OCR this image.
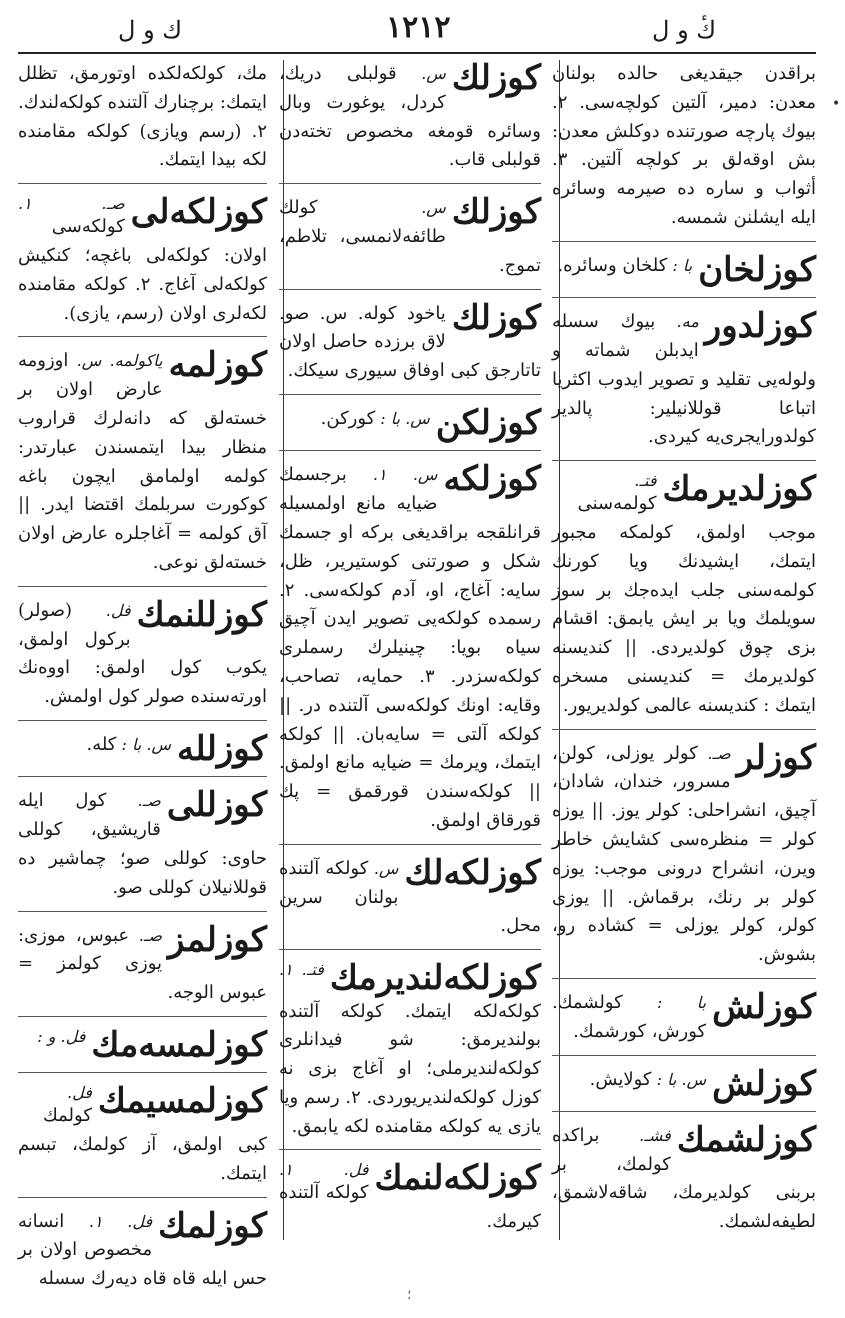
ك و ل	١٢١٢	كٔ و ل
•
براقدن جيقديغى حالده بولنان معدن: دمير، آلتين كولچه‌سى. ٢. بيوك پارچه صورتنده دوكلش معدن: بش اوقه‌لق بر كولچه آلتين. ٣. أثواب و ساره ده صيرمه وسائره ايله ايشلنن شمسه.
كوزلخان
با : كلخان وسائره.
كوزلدور
مه. بيوك سسله ايدبلن شماته و ولوله‌يى تقليد و تصوير ايدوب اكثريا اتباعا قوللانيلير: پالدير كولدورايجرى‌يه كيردى.
كوزلديرمك
فتـ. كولمه‌سنى موجب اولمق، كولمكه مجبور ايتمك، ايشيدنك ويا كورنك كولمه‌سنى جلب ايده‌جك بر سوز سويلمك ويا بر ايش يابمق: اقشام بزى چوق كولديردى. || كنديسنه كولديرمك = كنديسنى مسخره ايتمك : كنديسنه عالمى كولديريور.
كوزلر
صـ. كولر يوزلى، كولن، مسرور، خندان، شادان، آچيق، انشراحلى: كولر يوز. || يوزه كولر = منظره‌سى كشايش خاطر ويرن، انشراح درونى موجب: يوزه كولر بر رنك، برقماش. || يوزى كولر، كولر يوزلى = كشاده رو، بشوش.
كوزلش
با : كولشمك. كورش، كورشمك.
كوزلش
س. با : كولايش.
كوزلشمك
فشـ. براكده كولمك، بر بربنى كولديرمك، شاقه‌لاشمق، لطيفه‌لشمك.
كوزلك
س. قولبلى دريك، كردل، يوغورت وبال وسائره قومغه مخصوص تخته‌دن قولبلى قاب.
كوزلك
س. كولك طائفه‌لانمسى، تلاطم، تموج.
كوزلك
ياخود كوله. س. صو. لاق برزده حاصل اولان تاتارجق كبى اوفاق سيورى سيكك.
كوزلكن
س. با : كوركن.
كوزلكه
س. ١. برجسمك ضيايه مانع اولمسيله قرانلقجه براقديغى بركه او جسمك شكل و صورتنى كوستيرير، ظل، سايه: آغاج، او، آدم كولكه‌سى. ٢. رسمده كولكه‌يى تصوير ايدن آچيق سياه بويا: چينيلرك رسملرى كولكه‌سزدر. ٣. حمايه، تصاحب، وقايه: اونك كولكه‌سى آلتنده در. || كولكه آلتى = سايه‌بان. || كولكه ايتمك، ويرمك = ضيايه مانع اولمق. || كولكه‌سندن قورقمق = پك قورقاق اولمق.
كوزلكه‌لك
س. كولكه آلتنده بولنان سرين محل.
كوزلكه‌لنديرمك
فتـ. ١. كولكه‌لكه ايتمك. كولكه آلتنده بولنديرمق: شو فيدانلرى كولكه‌لنديرملى؛ او آغاج بزى نه كوزل كولكه‌لنديريوردى. ٢. رسم ويا يازى يه كولكه مقامنده لكه يابمق.
كوزلكه‌لنمك
فل. ١. كولكه آلتنده كيرمك.
مك، كولكه‌لكده اوتورمق، تظلل ايتمك: برچنارك آلتنده كولكه‌لندك. ٢. (رسم ويازى) كولكه مقامنده لكه بيدا ايتمك.
كوزلكه‌لى
صـ. ١. كولكه‌سى اولان: كولكه‌لى باغچه؛ كنكيش كولكه‌لى آغاج. ٢. كولكه مقامنده لكه‌لرى اولان (رسم، يازى).
كوزلمه
ياكولمه. س. اوزومه عارض اولان بر خسته‌لق كه دانه‌لرك قراروب منظار بيدا ايتمسندن عبارتدر: كولمه اولمامق ايچون باغه كوكورت سربلمك اقتضا ايدر. || آق كولمه = آغاجلره عارض اولان خسته‌لق نوعى.
كوزللنمك
فل. (صولر) بركول اولمق، يكوب كول اولمق: اووه‌نك اورته‌سنده صولر كول اولمش.
كوزلله
س. با : كله.
كوزللى
صـ. كول ايله قاريشيق، كوللى حاوى: كوللى صو؛ چماشير ده قوللانيلان كوللى صو.
كوزلمز
صـ. عبوس، موزى: يوزى كولمز = عبوس الوجه.
كوزلمسه‌مك
فل. و :
كوزلمسيمك
فل. كولمك كبى اولمق، آز كولمك، تبسم ايتمك.
كوزلمك
فل. ١. انسانه مخصوص اولان بر حس ايله قاه قاه ديه‌رك سسله
؛
